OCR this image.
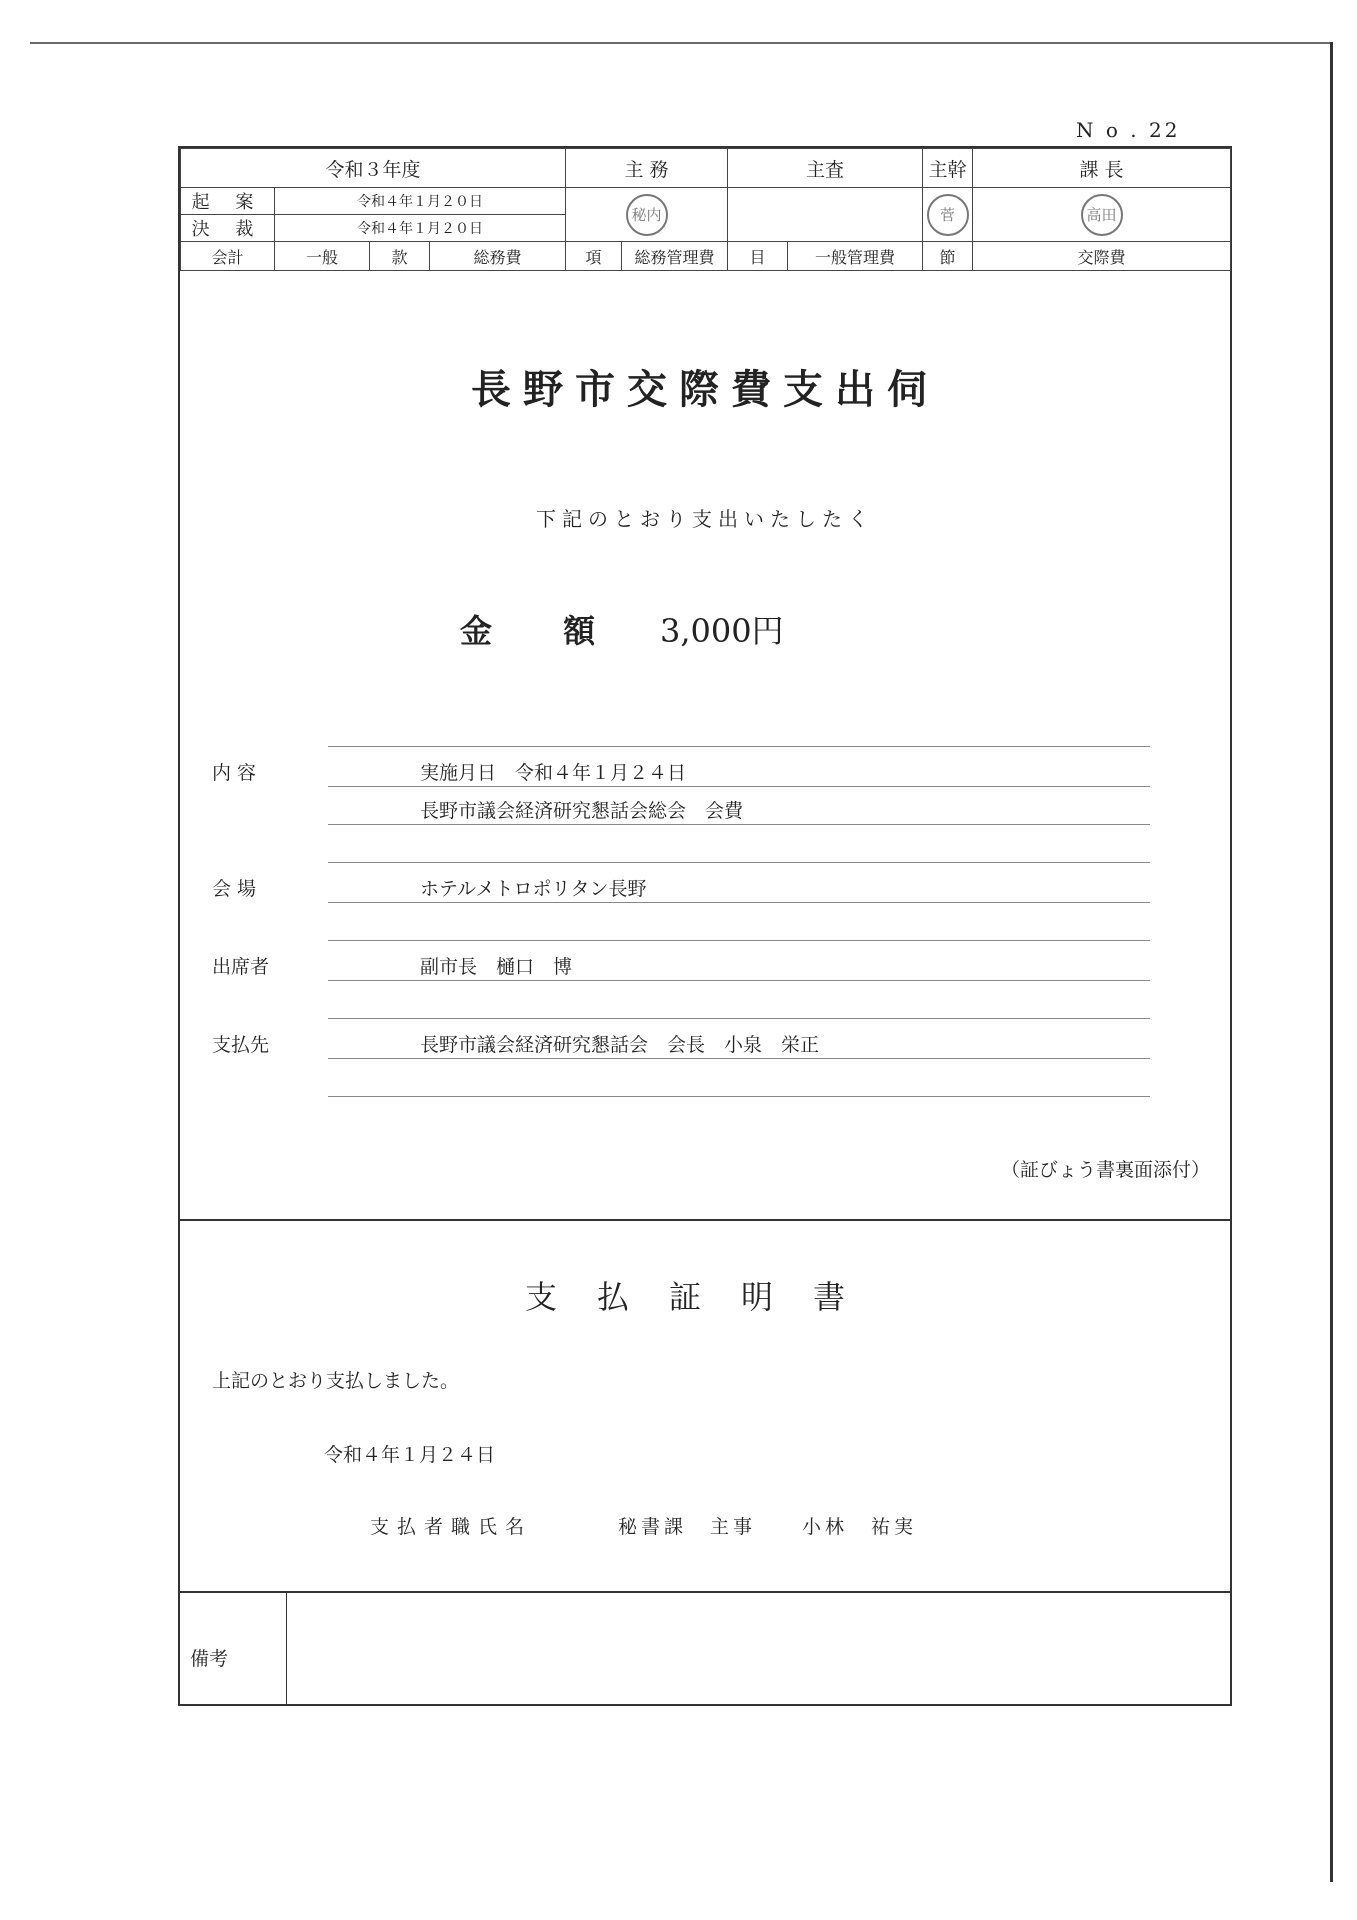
N o . 22
令和３年度				主 務		主査		主幹	課 長
起 案	令和４年１月２０日			秘内				菅	高田
決 裁	令和４年１月２０日								
会計	一般	款	総務費	項	総務管理費	目	一般管理費	節	交際費
長野市交際費支出伺
下記のとおり支出いたしたく
金 額 3,000円
内 容	実施月日　令和４年１月２４日
長野市議会経済研究懇話会総会　会費
会 場	ホテルメトロポリタン長野
出席者	副市長　樋口　博
支払先	長野市議会経済研究懇話会　会長　小泉　栄正
（証びょう書裏面添付）
支払証明書
上記のとおり支払しました。
令和４年１月２４日
支払者職氏名	秘書課　主事　　小林　祐実
備考
